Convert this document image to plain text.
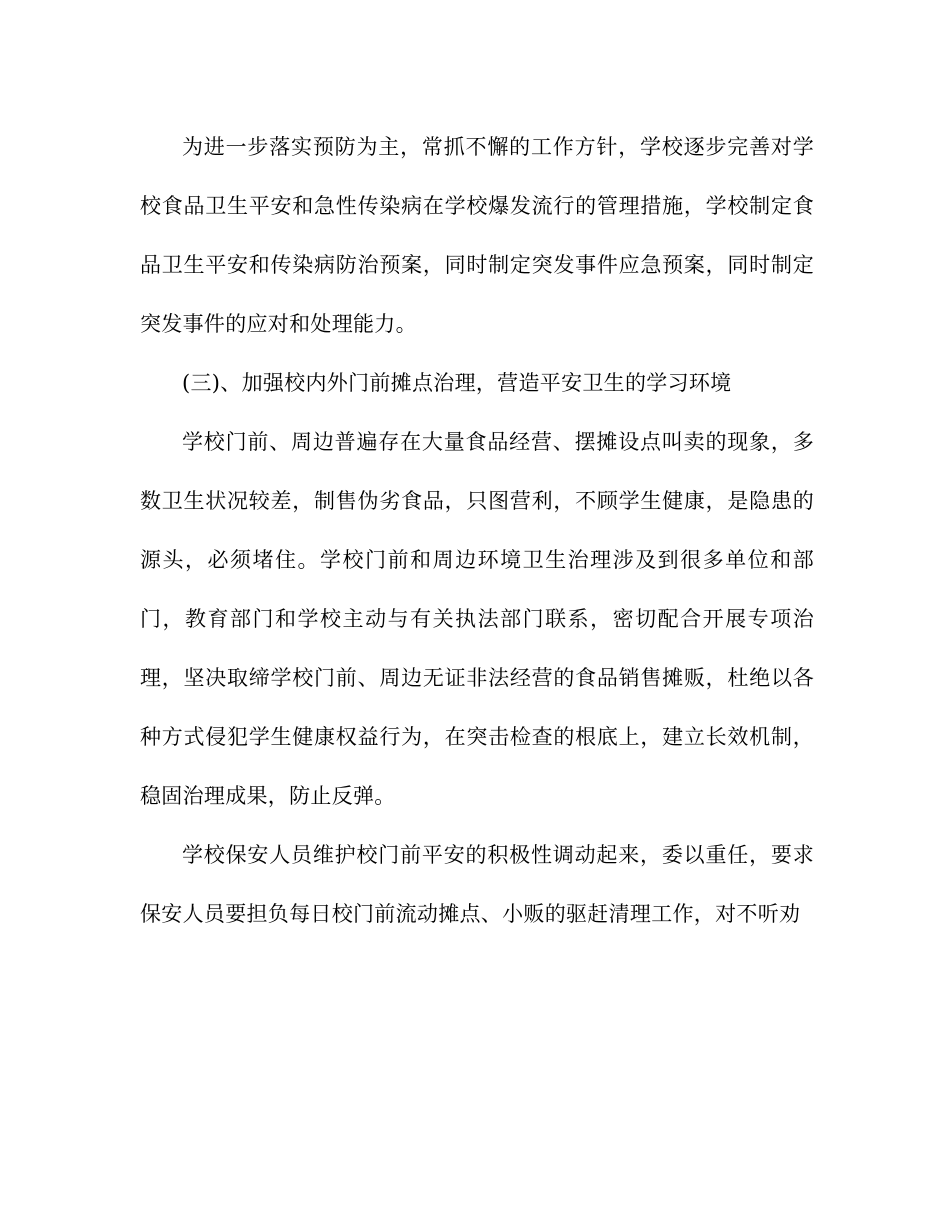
为进一步落实预防为主，常抓不懈的工作方针，学校逐步完善对学校食品卫生平安和急性传染病在学校爆发流行的管理措施，学校制定食品卫生平安和传染病防治预案，同时制定突发事件应急预案，同时制定突发事件的应对和处理能力。

(三)、加强校内外门前摊点治理，营造平安卫生的学习环境

学校门前、周边普遍存在大量食品经营、摆摊设点叫卖的现象，多数卫生状况较差，制售伪劣食品，只图营利，不顾学生健康，是隐患的源头，必须堵住。学校门前和周边环境卫生治理涉及到很多单位和部门，教育部门和学校主动与有关执法部门联系，密切配合开展专项治理，坚决取缔学校门前、周边无证非法经营的食品销售摊贩，杜绝以各种方式侵犯学生健康权益行为，在突击检查的根底上，建立长效机制，稳固治理成果，防止反弹。

学校保安人员维护校门前平安的积极性调动起来，委以重任，要求保安人员要担负每日校门前流动摊点、小贩的驱赶清理工作，对不听劝
